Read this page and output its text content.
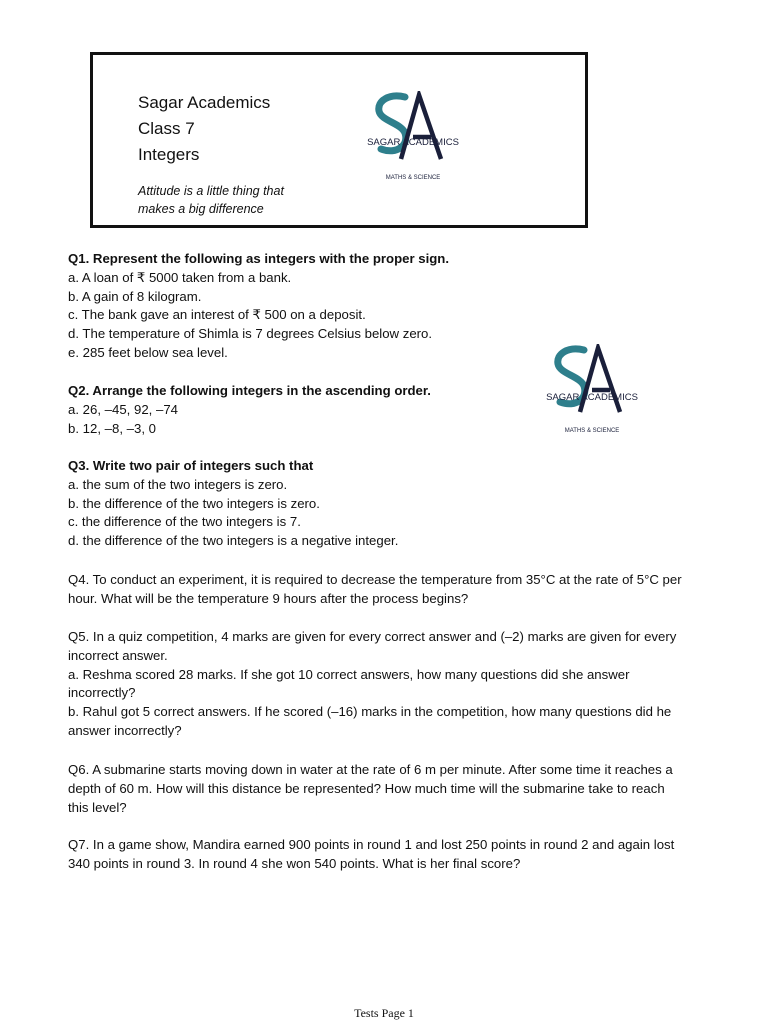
Sagar Academics
Class 7
Integers
Attitude is a little thing that
makes a big difference
SAGAR ACADEMICS
MATHS & SCIENCE
SAGAR ACADEMICS
MATHS & SCIENCE

Q1. Represent the following as integers with the proper sign.

a. A loan of ₹ 5000 taken from a bank.

b. A gain of 8 kilogram.

c. The bank gave an interest of ₹ 500 on a deposit.

d. The temperature of Shimla is 7 degrees Celsius below zero.

e. 285 feet below sea level.

Q2. Arrange the following integers in the ascending order.

a. 26, –45, 92, –74

b. 12, –8, –3, 0

Q3. Write two pair of integers such that

a. the sum of the two integers is zero.

b. the difference of the two integers is zero.

c. the difference of the two integers is 7.

d. the difference of the two integers is a negative integer.

Q4. To conduct an experiment, it is required to decrease the temperature from 35°C at the rate of 5°C per

hour. What will be the temperature 9 hours after the process begins?

Q5. In a quiz competition, 4 marks are given for every correct answer and (–2) marks are given for every

incorrect answer.

a. Reshma scored 28 marks. If she got 10 correct answers, how many questions did she answer

incorrectly?

b. Rahul got 5 correct answers. If he scored (–16) marks in the competition, how many questions did he

answer incorrectly?

Q6. A submarine starts moving down in water at the rate of 6 m per minute. After some time it reaches a

depth of 60 m. How will this distance be represented? How much time will the submarine take to reach

this level?

Q7. In a game show, Mandira earned 900 points in round 1 and lost 250 points in round 2 and again lost

340 points in round 3. In round 4 she won 540 points. What is her final score?

Tests Page 1
